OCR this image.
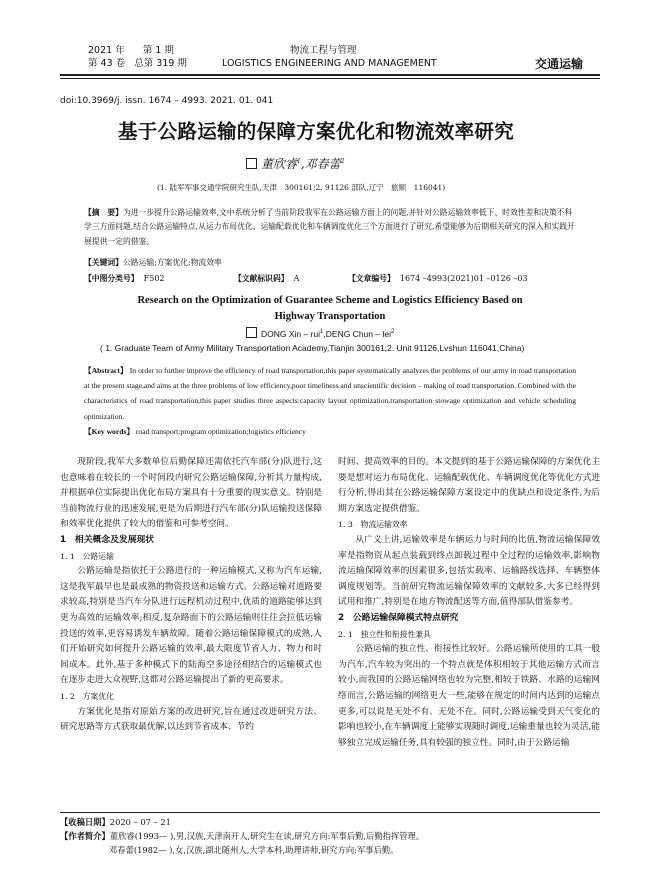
2021 年 第 1 期
第 43 卷 总第 319 期
物流工程与管理
LOGISTICS ENGINEERING AND MANAGEMENT	交通运输
doi:10.3969/j. issn. 1674 – 4993. 2021. 01. 041
基于公路运输的保障方案优化和物流效率研究
董欣睿$^1$,邓春蕾$^2$
(1. 陆军军事交通学院研究生队,天津　300161;2. 91126 部队,辽宁　旅顺　116041)
【摘　要】为进一步提升公路运输效率,文中系统分析了当前阶段我军在公路运输方面上的问题,并针对公路运输效率低下、时效性差和决策不科学三方面问题,结合公路运输特点,从运力布局优化、运输配载优化和车辆调度优化三个方面进行了研究,希望能够为后期相关研究的深入和实践开展提供一定的借鉴。
【关键词】公路运输;方案优化;物流效率
【中图分类号】 F502	【文献标识码】 A	【文章编号】 1674 –4993(2021)01 –0126 –03
Research on the Optimization of Guarantee Scheme and Logistics Efficiency Based on Highway Transportation
DONG Xin – rui$^1$,DENG Chun – lei$^2$
( 1. Graduate Team of Army Military Transportation Academy,Tianjin 300161;2. Unit 91126,Lvshun 116041,China)
【Abstract】 In order to further improve the efficiency of road transportation,this paper systematically analyzes the problems of our army in road transportation at the present stage,and aims at the three problems of low efficiency,poor timeliness and unscientific decision – making of road transportation. Combined with the characteristics of road transportation,this paper studies three aspects:capacity layout optimization,transportation stowage optimization and vehicle scheduling optimization.
【Key words】 road transport;program optimization;logistics efficiency

现阶段,我军大多数单位后勤保障还需依托汽车部(分)队进行,这也意味着在较长的一个时间段内研究公路运输保障,分析其力量构成,并根据单位实际提出优化布局方案具有十分重要的现实意义。特别是当前物流行业的迅速发展,更是为后期进行汽车部(分)队运输投送保障和效率优化提供了较大的借鉴和可参考空间。

1　相关概念及发展现状

1. 1　公路运输

公路运输是指依托于公路进行的一种运输模式,又称为汽车运输,这是我军最早也是最成熟的物资投送和运输方式。公路运输对道路要求较高,特别是当汽车分队进行远程机动过程中,优质的道路能够达到更为高效的运输效率;相反,复杂路面下的公路运输则往往会拉低运输投送的效率,更容易诱发车辆故障。随着公路运输保障模式的成熟,人们开始研究如何提升公路运输的效率,最大限度节省人力、物力和时间成本。此外,基于多种模式下的陆海空多途径相结合的运输模式也在逐步走进大众视野,这都对公路运输提出了新的更高要求。

1. 2　方案优化

方案优化是指对原始方案的改进研究,旨在通过改进研究方法、研究思路等方式获取最优解,以达到节省成本、节约

时间、提高效率的目的。本文提到的基于公路运输保障的方案优化主要是想对运力布局优化、运输配载优化、车辆调度优化等优化方式进行分析,得出其在公路运输保障方案设定中的优缺点和设定条件,为后期方案选定提供借鉴。

1. 3　物流运输效率

从广义上讲,运输效率是车辆运力与时间的比值,物流运输保障效率是指物资从起点装载到终点卸载过程中全过程的运输效率,影响物流运输保障效率的因素很多,包括实载率、运输路线选择、车辆整体调度规划等。当前研究物流运输保障效率的文献较多,大多已经得到试用和推广,特别是在地方物流配送等方面,值得部队借鉴参考。

2　公路运输保障模式特点研究

2. 1　独立性和衔接性兼具

公路运输的独立性、衔接性比较好。公路运输所使用的工具一般为汽车,汽车较为突出的一个特点就是体积相较于其他运输方式而言较小,而我国的公路运输网络也较为完整,相较于铁路、水路的运输网络而言,公路运输的网络更大一些,能够在规定的时间内达到的运输点更多,可以说是无处不有、无处不在。同时,公路运输受到天气变化的影响也较小,在车辆调度上能够实现随时调度,运输重量也较为灵活,能够独立完成运输任务,具有较强的独立性。同时,由于公路运输

【收稿日期】2020 – 07 – 21
【作者简介】董欣睿(1993— ),男,汉族,天津南开人,研究生在读,研究方向:军事后勤,后勤指挥管理。
邓春蕾(1982— ),女,汉族,湖北随州人,大学本科,助理讲师,研究方向:军事后勤。
